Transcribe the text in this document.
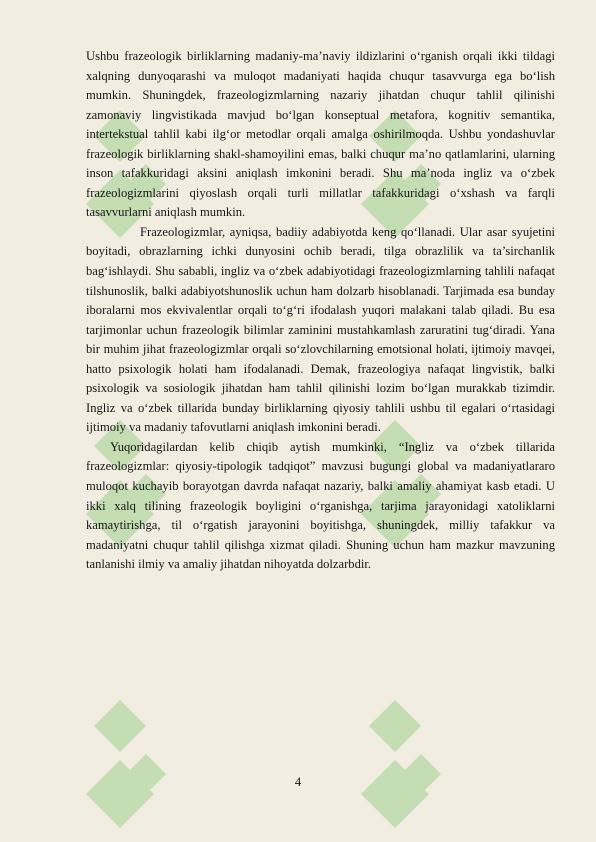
Ushbu frazeologik birliklarning madaniy-ma’naviy ildizlarini o‘rganish orqali ikki tildagi xalqning dunyoqarashi va muloqot madaniyati haqida chuqur tasavvurga ega bo‘lish mumkin. Shuningdek, frazeologizmlarning nazariy jihatdan chuqur tahlil qilinishi zamonaviy lingvistikada mavjud bo‘lgan konseptual metafora, kognitiv semantika, intertekstual tahlil kabi ilg‘or metodlar orqali amalga oshirilmoqda. Ushbu yondashuvlar frazeologik birliklarning shakl-shamoyilini emas, balki chuqur ma’no qatlamlarini, ularning inson tafakkuridagi aksini aniqlash imkonini beradi. Shu ma’noda ingliz va o‘zbek frazeologizmlarini qiyoslash orqali turli millatlar tafakkuridagi o‘xshash va farqli tasavvurlarni aniqlash mumkin.

Frazeologizmlar, ayniqsa, badiiy adabiyotda keng qo‘llanadi. Ular asar syujetini boyitadi, obrazlarning ichki dunyosini ochib beradi, tilga obrazlilik va ta’sirchanlik bag‘ishlaydi. Shu sababli, ingliz va o‘zbek adabiyotidagi frazeologizmlarning tahlili nafaqat tilshunoslik, balki adabiyotshunoslik uchun ham dolzarb hisoblanadi. Tarjimada esa bunday iboralarni mos ekvivalentlar orqali to‘g‘ri ifodalash yuqori malakani talab qiladi. Bu esa tarjimonlar uchun frazeologik bilimlar zaminini mustahkamlash zaruratini tug‘diradi. Yana bir muhim jihat frazeologizmlar orqali so‘zlovchilarning emotsional holati, ijtimoiy mavqei, hatto psixologik holati ham ifodalanadi. Demak, frazeologiya nafaqat lingvistik, balki psixologik va sosiologik jihatdan ham tahlil qilinishi lozim bo‘lgan murakkab tizimdir. Ingliz va o‘zbek tillarida bunday birliklarning qiyosiy tahlili ushbu til egalari o‘rtasidagi ijtimoiy va madaniy tafovutlarni aniqlash imkonini beradi.

Yuqoridagilardan kelib chiqib aytish mumkinki, “Ingliz va o‘zbek tillarida frazeologizmlar: qiyosiy-tipologik tadqiqot” mavzusi bugungi global va madaniyatlararo muloqot kuchayib borayotgan davrda nafaqat nazariy, balki amaliy ahamiyat kasb etadi. U ikki xalq tilining frazeologik boyligini o‘rganishga, tarjima jarayonidagi xatoliklarni kamaytirishga, til o‘rgatish jarayonini boyitishga, shuningdek, milliy tafakkur va madaniyatni chuqur tahlil qilishga xizmat qiladi. Shuning uchun ham mazkur mavzuning tanlanishi ilmiy va amaliy jihatdan nihoyatda dolzarbdir.

4
